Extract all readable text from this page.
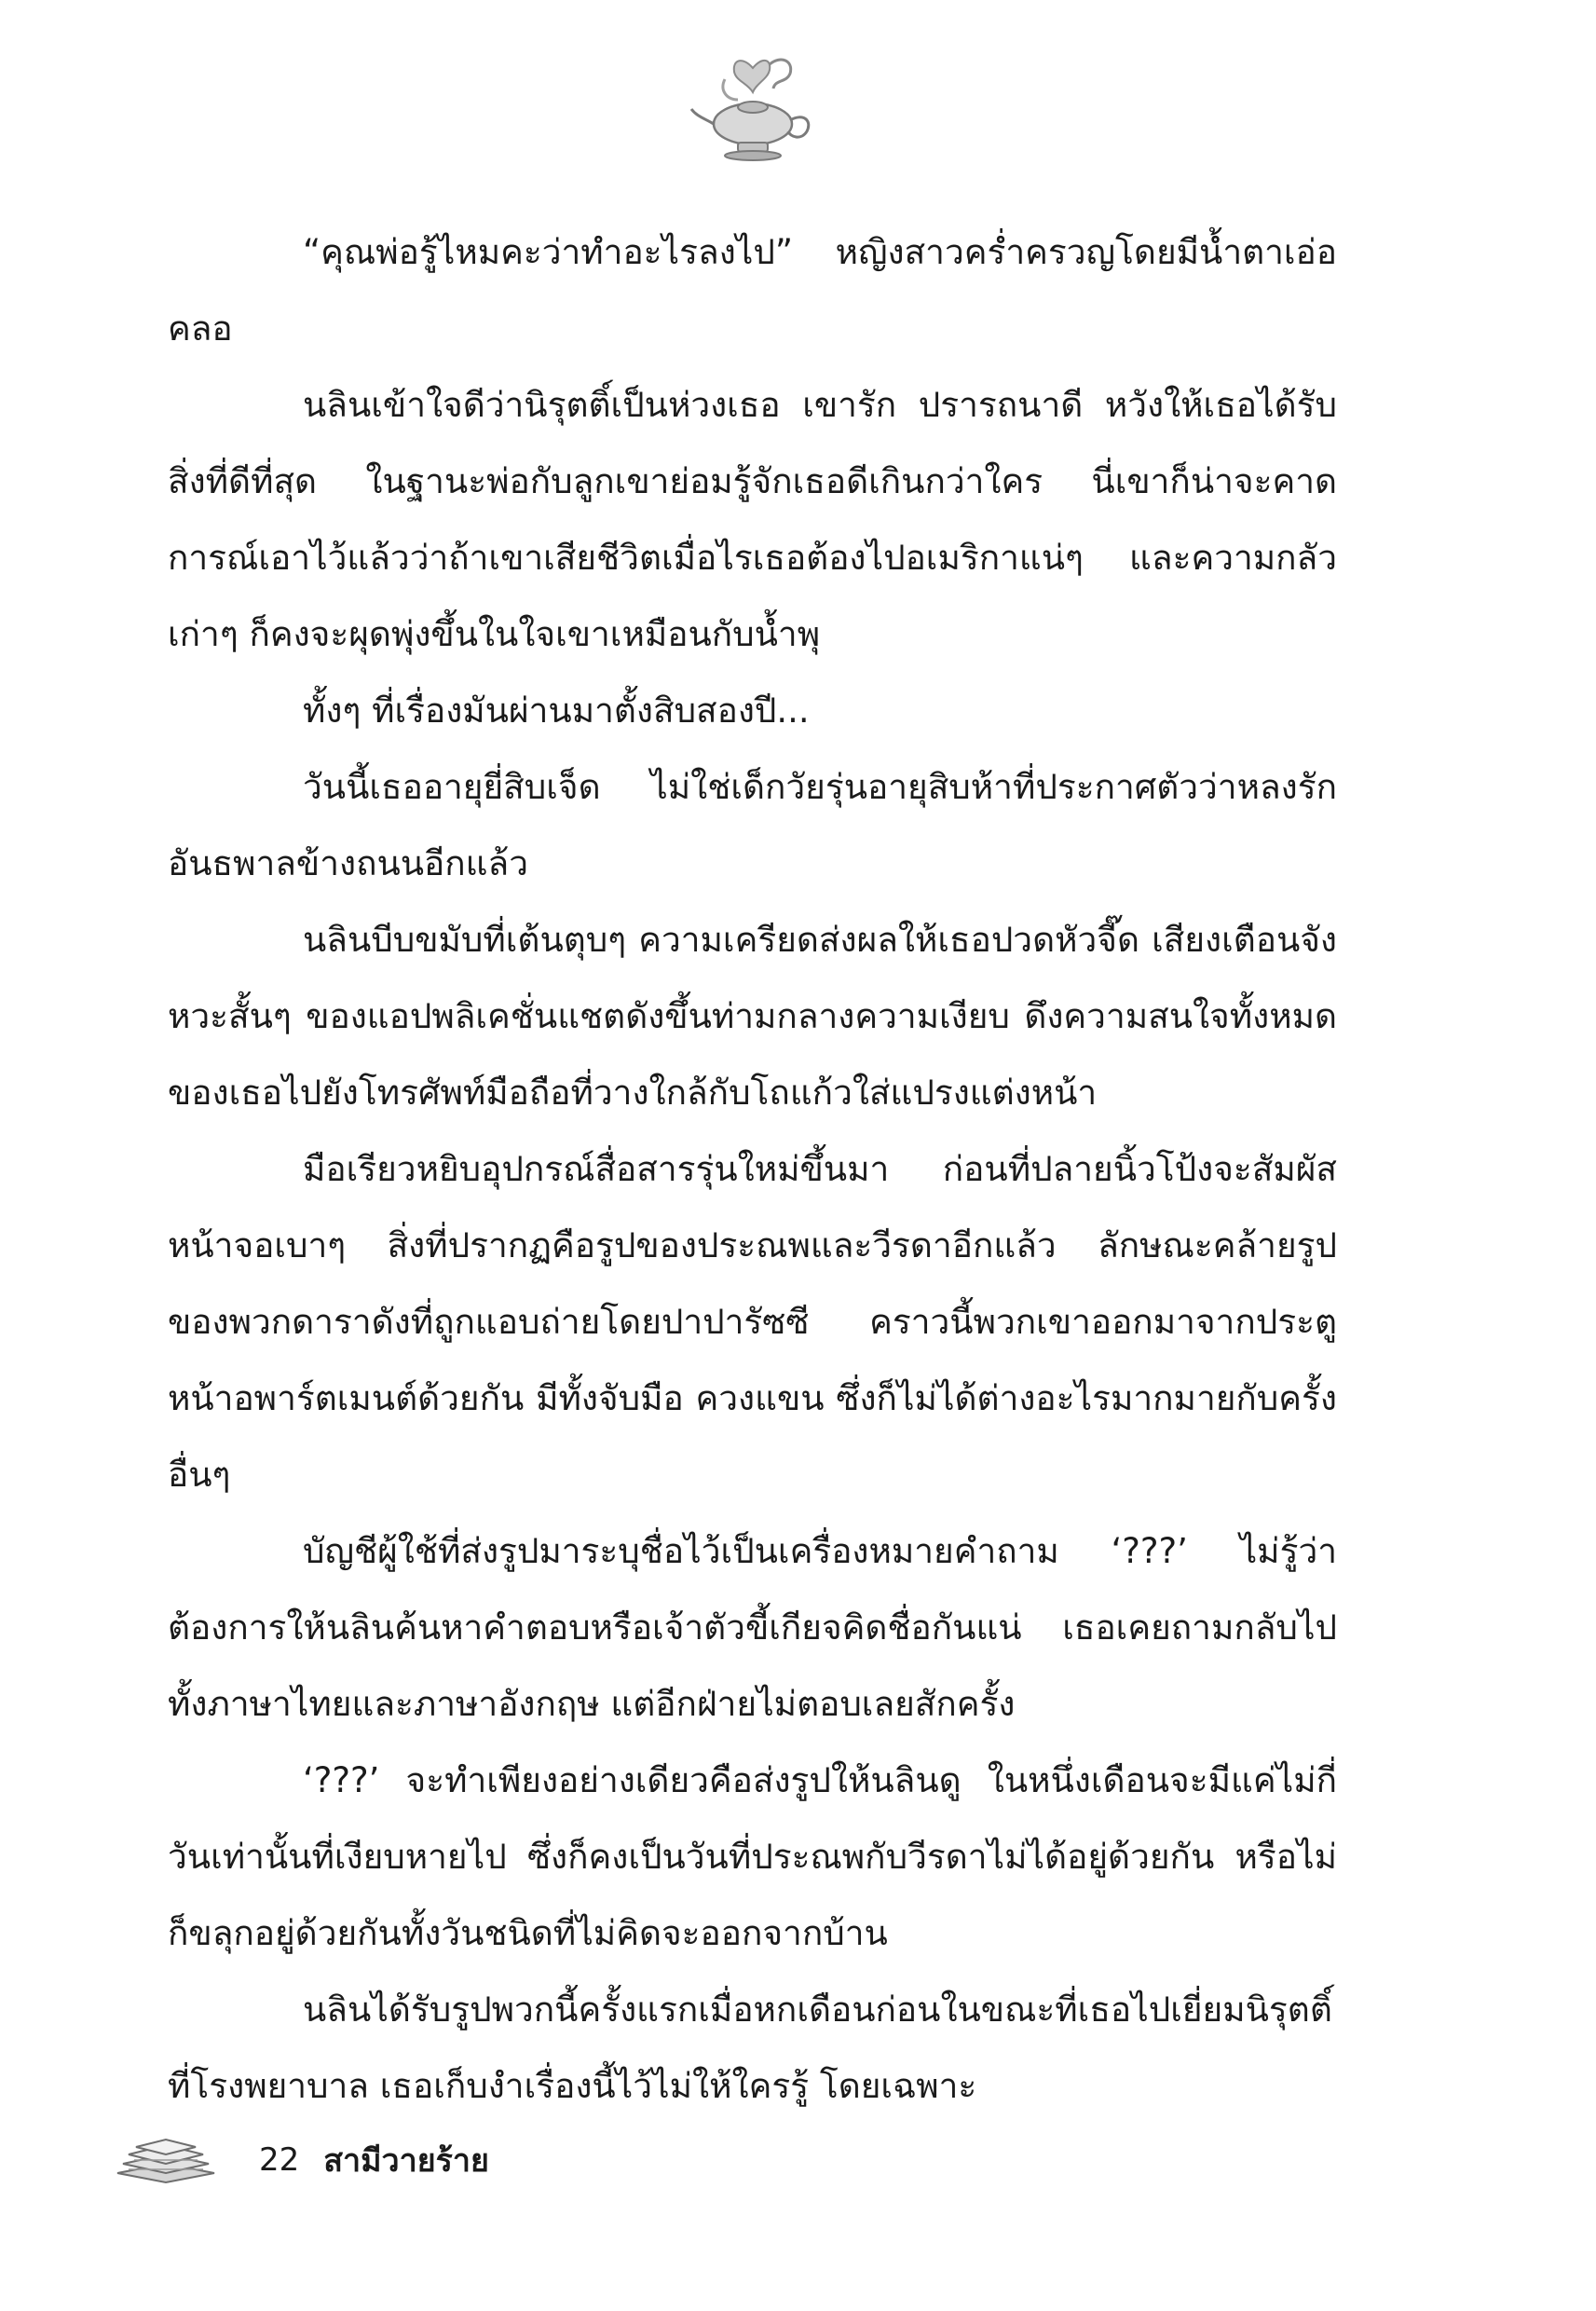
“คุณพ่อรู้ไหมคะว่าทำอะไรลงไป” หญิงสาวคร่ำครวญโดยมีน้ำตาเอ่อคลอ

นลินเข้าใจดีว่านิรุตติ์เป็นห่วงเธอ เขารัก ปรารถนาดี หวังให้เธอได้รับสิ่งที่ดีที่สุด ในฐานะพ่อกับลูกเขาย่อมรู้จักเธอดีเกินกว่าใคร นี่เขาก็น่าจะคาดการณ์เอาไว้แล้วว่าถ้าเขาเสียชีวิตเมื่อไรเธอต้องไปอเมริกาแน่ๆ และความกลัวเก่าๆ ก็คงจะผุดพุ่งขึ้นในใจเขาเหมือนกับน้ำพุ

ทั้งๆ ที่เรื่องมันผ่านมาตั้งสิบสองปี...

วันนี้เธออายุยี่สิบเจ็ด ไม่ใช่เด็กวัยรุ่นอายุสิบห้าที่ประกาศตัวว่าหลงรักอันธพาลข้างถนนอีกแล้ว

นลินบีบขมับที่เต้นตุบๆ ความเครียดส่งผลให้เธอปวดหัวจี๊ด เสียงเตือนจังหวะสั้นๆ ของแอปพลิเคชั่นแชตดังขึ้นท่ามกลางความเงียบ ดึงความสนใจทั้งหมดของเธอไปยังโทรศัพท์มือถือที่วางใกล้กับโถแก้วใส่แปรงแต่งหน้า

มือเรียวหยิบอุปกรณ์สื่อสารรุ่นใหม่ขึ้นมา ก่อนที่ปลายนิ้วโป้งจะสัมผัสหน้าจอเบาๆ สิ่งที่ปรากฏคือรูปของประณพและวีรดาอีกแล้ว ลักษณะคล้ายรูปของพวกดาราดังที่ถูกแอบถ่ายโดยปาปารัซซี คราวนี้พวกเขาออกมาจากประตูหน้าอพาร์ตเมนต์ด้วยกัน มีทั้งจับมือ ควงแขน ซึ่งก็ไม่ได้ต่างอะไรมากมายกับครั้งอื่นๆ

บัญชีผู้ใช้ที่ส่งรูปมาระบุชื่อไว้เป็นเครื่องหมายคำถาม ‘???’ ไม่รู้ว่าต้องการให้นลินค้นหาคำตอบหรือเจ้าตัวขี้เกียจคิดชื่อกันแน่ เธอเคยถามกลับไปทั้งภาษาไทยและภาษาอังกฤษ แต่อีกฝ่ายไม่ตอบเลยสักครั้ง

‘???’ จะทำเพียงอย่างเดียวคือส่งรูปให้นลินดู ในหนึ่งเดือนจะมีแค่ไม่กี่วันเท่านั้นที่เงียบหายไป ซึ่งก็คงเป็นวันที่ประณพกับวีรดาไม่ได้อยู่ด้วยกัน หรือไม่ก็ขลุกอยู่ด้วยกันทั้งวันชนิดที่ไม่คิดจะออกจากบ้าน

นลินได้รับรูปพวกนี้ครั้งแรกเมื่อหกเดือนก่อนในขณะที่เธอไปเยี่ยมนิรุตติ์ที่โรงพยาบาล เธอเก็บงำเรื่องนี้ไว้ไม่ให้ใครรู้ โดยเฉพาะ

22 สามีวายร้าย
